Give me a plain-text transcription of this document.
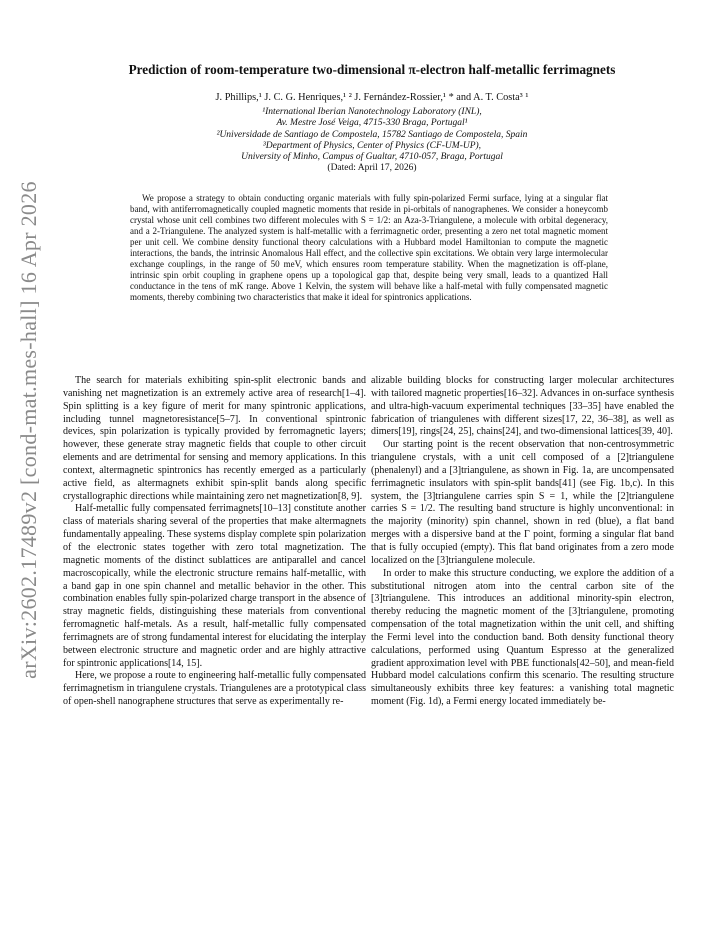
arXiv:2602.17489v2 [cond-mat.mes-hall] 16 Apr 2026
Prediction of room-temperature two-dimensional π-electron half-metallic ferrimagnets
J. Phillips,¹ J. C. G. Henriques,¹ ² J. Fernández-Rossier,¹ * and A. T. Costa³ ¹
¹International Iberian Nanotechnology Laboratory (INL),
Av. Mestre José Veiga, 4715-330 Braga, Portugal¹
²Universidade de Santiago de Compostela, 15782 Santiago de Compostela, Spain
³Department of Physics, Center of Physics (CF-UM-UP),
University of Minho, Campus of Gualtar, 4710-057, Braga, Portugal
(Dated: April 17, 2026)
We propose a strategy to obtain conducting organic materials with fully spin-polarized Fermi surface, lying at a singular flat band, with antiferromagnetically coupled magnetic moments that reside in pi-orbitals of nanographenes. We consider a honeycomb crystal whose unit cell combines two different molecules with S = 1/2: an Aza-3-Triangulene, a molecule with orbital degeneracy, and a 2-Triangulene. The analyzed system is half-metallic with a ferrimagnetic order, presenting a zero net total magnetic moment per unit cell. We combine density functional theory calculations with a Hubbard model Hamiltonian to compute the magnetic interactions, the bands, the intrinsic Anomalous Hall effect, and the collective spin excitations. We obtain very large intermolecular exchange couplings, in the range of 50 meV, which ensures room temperature stability. When the magnetization is off-plane, intrinsic spin orbit coupling in graphene opens up a topological gap that, despite being very small, leads to a quantized Hall conductance in the tens of mK range. Above 1 Kelvin, the system will behave like a half-metal with fully compensated magnetic moments, thereby combining two characteristics that make it ideal for spintronics applications.

The search for materials exhibiting spin-split electronic bands and vanishing net magnetization is an extremely active area of research[1–4]. Spin splitting is a key figure of merit for many spintronic applications, including tunnel magnetoresistance[5–7]. In conventional spintronic devices, spin polarization is typically provided by ferromagnetic layers; however, these generate stray magnetic fields that couple to other circuit elements and are detrimental for sensing and memory applications. In this context, altermagnetic spintronics has recently emerged as a particularly active field, as altermagnets exhibit spin-split bands along specific crystallographic directions while maintaining zero net magnetization[8, 9].

Half-metallic fully compensated ferrimagnets[10–13] constitute another class of materials sharing several of the properties that make altermagnets fundamentally appealing. These systems display complete spin polarization of the electronic states together with zero total magnetization. The magnetic moments of the distinct sublattices are antiparallel and cancel macroscopically, while the electronic structure remains half-metallic, with a band gap in one spin channel and metallic behavior in the other. This combination enables fully spin-polarized charge transport in the absence of stray magnetic fields, distinguishing these materials from conventional ferromagnetic half-metals. As a result, half-metallic fully compensated ferrimagnets are of strong fundamental interest for elucidating the interplay between electronic structure and magnetic order and are highly attractive for spintronic applications[14, 15].

Here, we propose a route to engineering half-metallic fully compensated ferrimagnetism in triangulene crystals. Triangulenes are a prototypical class of open-shell nanographene structures that serve as experimentally re-

alizable building blocks for constructing larger molecular architectures with tailored magnetic properties[16–32]. Advances in on-surface synthesis and ultra-high-vacuum experimental techniques [33–35] have enabled the fabrication of triangulenes with different sizes[17, 22, 36–38], as well as dimers[19], rings[24, 25], chains[24], and two-dimensional lattices[39, 40].

Our starting point is the recent observation that non-centrosymmetric triangulene crystals, with a unit cell composed of a [2]triangulene (phenalenyl) and a [3]triangulene, as shown in Fig. 1a, are uncompensated ferrimagnetic insulators with spin-split bands[41] (see Fig. 1b,c). In this system, the [3]triangulene carries spin S = 1, while the [2]triangulene carries S = 1/2. The resulting band structure is highly unconventional: in the majority (minority) spin channel, shown in red (blue), a flat band merges with a dispersive band at the Γ point, forming a singular flat band that is fully occupied (empty). This flat band originates from a zero mode localized on the [3]triangulene molecule.

In order to make this structure conducting, we explore the addition of a substitutional nitrogen atom into the central carbon site of the [3]triangulene. This introduces an additional minority-spin electron, thereby reducing the magnetic moment of the [3]triangulene, promoting compensation of the total magnetization within the unit cell, and shifting the Fermi level into the conduction band. Both density functional theory calculations, performed using Quantum Espresso at the generalized gradient approximation level with PBE functionals[42–50], and mean-field Hubbard model calculations confirm this scenario. The resulting structure simultaneously exhibits three key features: a vanishing total magnetic moment (Fig. 1d), a Fermi energy located immediately be-
